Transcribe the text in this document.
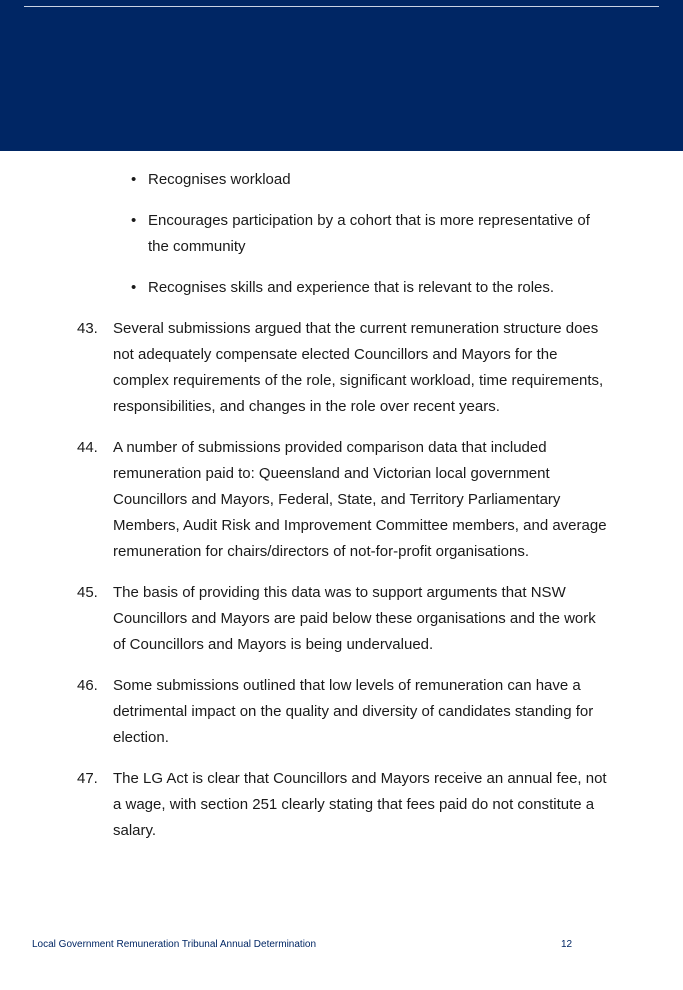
• Recognises workload
• Encourages participation by a cohort that is more representative of the community
• Recognises skills and experience that is relevant to the roles.
43. Several submissions argued that the current remuneration structure does not adequately compensate elected Councillors and Mayors for the complex requirements of the role, significant workload, time requirements, responsibilities, and changes in the role over recent years.
44. A number of submissions provided comparison data that included remuneration paid to: Queensland and Victorian local government Councillors and Mayors, Federal, State, and Territory Parliamentary Members, Audit Risk and Improvement Committee members, and average remuneration for chairs/directors of not-for-profit organisations.
45. The basis of providing this data was to support arguments that NSW Councillors and Mayors are paid below these organisations and the work of Councillors and Mayors is being undervalued.
46. Some submissions outlined that low levels of remuneration can have a detrimental impact on the quality and diversity of candidates standing for election.
47. The LG Act is clear that Councillors and Mayors receive an annual fee, not a wage, with section 251 clearly stating that fees paid do not constitute a salary.
Local Government Remuneration Tribunal Annual Determination	12
